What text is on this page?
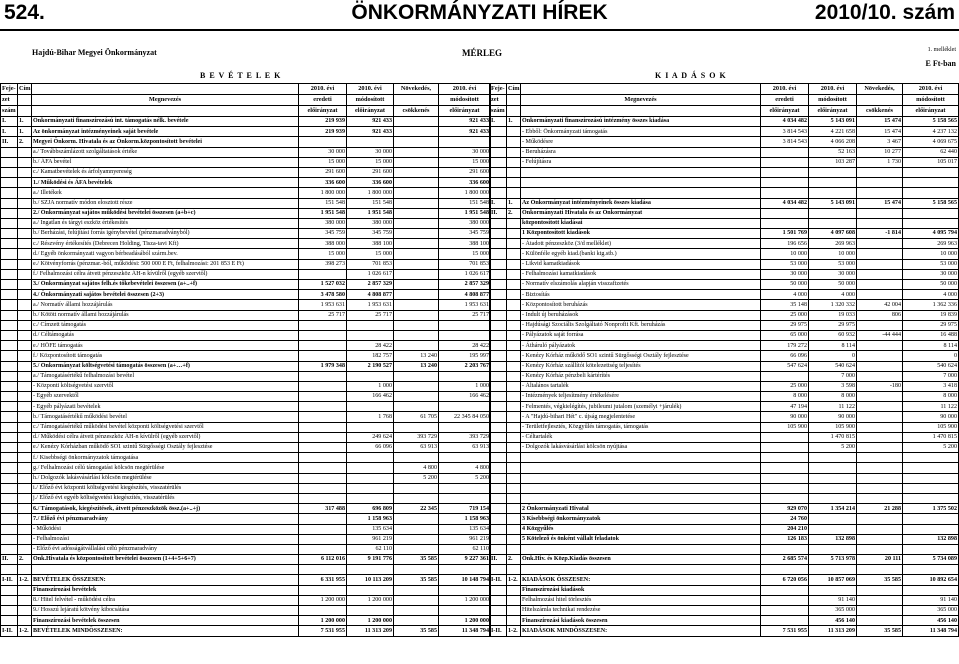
524.	ÖNKORMÁNYZATI HÍREK	2010/10. szám
Hajdú-Bihar Megyei Önkormányzat	MÉRLEG	1. melléklet
E Ft-ban
B E V É T E L E K	K I A D Á S O K
Feje-	Cím		2010. évi	2010. évi	Növekedés,	2010. évi
zet		Megnevezés	eredeti	módosított		módosított
szám			előirányzat	előirányzat	csökkenés	előirányzat
I.	1.	Önkormányzati finanszírozású int. támogatás nélk. bevétele	219 939	921 433		921 433
I.	1.	Az önkormányzat intézményeinek saját bevétele	219 939	921 433		921 433
II.	2.	Megyei Önkorm. Hivatala és az Önkorm.központosított bevételei				
		a./ Továbbszámlázott szolgáltatások értéke	30 000	30 000		30 000
		b./ ÁFA bevétel	15 000	15 000		15 000
		c./ Kamatbevételek és árfolyamnyereség	291 600	291 600		291 600
		1./ Működési és ÁFA bevételek	336 600	336 600		336 600
		a./ Illetékek	1 800 000	1 800 000		1 800 000
		b./ SZJA normatív módon elosztott része	151 548	151 548		151 548
		2./ Önkormányzat sajátos működési bevételei összesen (a+b+c)	1 951 548	1 951 548		1 951 548
		a./ Ingatlan és tárgyi eszköz értékesítés	380 000	380 000		380 000
		b./ Berházási, felújítási forrás igénybevétel (pénzmaradványból)	345 759	345 759		345 759
		c./ Részvény értékesítés (Debrecen Holding, Tisza-tavi Kft)	388 000	388 100		388 100
		d./ Egyéb önkormányzati vagyon bérbeadásából szárm.bev.	15 000	15 000		15 000
		e./ Kötvényforrás (pénzmar.-ból, működési: 500 000 E Ft, felhalmozási: 201 853 E Ft)	398 273	701 853		701 853
		f./ Felhalmozási célra átvett pénzeszköz ÁH-n kívülről (egyéb szervtől)		1 026 617		1 026 617
		3./ Önkormányzat sajátos felh.és tőkebevételei összesen (a+..+f)	1 527 032	2 857 329		2 857 329
		4./ Önkormányzati sajátos bevételei összesen (2+3)	3 478 580	4 808 877		4 808 877
		a./ Normatív állami hozzájárulás	1 953 631	1 953 631		1 953 631
		b./ Kötött normatív állami hozzájárulás	25 717	25 717		25 717
		c./ Címzett támogatás				
		d./ Céltámogatás				
		e./ HÖFE támogatás		28 422		28 422
		f./ Központosított támogatás		182 757	13 240	195 997
		5./ Önkormányzat költségvetési támogatás összesen (a+…+f)	1 979 348	2 190 527	13 240	2 203 767
		a./ Támogatásértékű felhalmozási bevétel				
		- Központi költségvetési szervtől		1 000		1 000
		- Egyéb szervektől		166 462		166 462
		- Egyéb pályázati bevételek				
		b./ Támogatásértékű működési bevétel		1 768	61 705	22 345 84 050
		c./ Támogatásértékű működési bevétel központi költségvetési szervtől				
		d./ Működési célra átvett pénzeszköz ÁH-n kívülről (egyéb szervtől)		249 624	393 729	393 729
		e./ Kenézy Kórházban működő SO1 szintű Sürgősségi Osztály fejlesztése		66 096	63 913	63 913
		f./ Kisebbségi önkormányzatok támogatása				
		g./ Felhalmozási célú támogatási kölcsön megtérülése			4 800	4 800
		h./ Dolgozók lakásvásárlási kölcsön megtérülése			5 200	5 200
		i./ Előző évi központi költségvetési kiegészítés, visszatérülés				
		j./ Előző évi egyéb költségvetési kiegészítés, visszatérülés				
		6./ Támogatások, kiegészítések, átvett pénzeszközök össz.(a+..+j)	317 488	696 809	22 345	719 154
		7./ Előző évi pénzmaradvány		1 158 963		1 158 963
		- Működési		135 634		135 634
		- Felhalmozási		961 219		961 219
		- Előző évi adósságátvállalási célú pénzmaradvány		62 110		62 110
II.	2.	Önk.Hivatala és központosított bevételei összesen (1+4+5+6+7)	6 112 016	9 191 776	35 585	9 227 361

I-II.	1-2.	BEVÉTELEK ÖSSZESEN:	6 331 955	10 113 209	35 585	10 148 794
		Finanszírozási bevételek				
		8./ Hitel felvétel - működési célra	1 200 000	1 200 000		1 200 000
		9./ Hosszú lejáratú kötvény kibocsátása				
		Finanszírozási bevételek összesen	1 200 000	1 200 000		1 200 000
I-II.	1-2.	BEVÉTELEK MINDÖSSZESEN:	7 531 955	11 313 209	35 585	11 348 794
Feje-	Cím		2010. évi	2010. évi	Növekedés,	2010. évi
zet		Megnevezés	eredeti	módosított		módosított
szám			előirányzat	előirányzat	csökkenés	előirányzat
I.	1.	Önkormányzati finanszírozású intézmény összes kiadása	4 034 482	5 143 091	15 474	5 158 565
		- Ebből: Önkormányzati támogatás	3 814 543	4 221 658	15 474	4 237 132
		- Működésre	3 814 543	4 066 208	3 467	4 069 675
		- Beruházásra		52 163	10 277	62 440
		- Felújításra		103 287	1 730	105 017

I.	1.	Az Önkormányzat intézményeinek összes kiadása	4 034 482	5 143 091	15 474	5 158 565
II.	2.	Önkormányzati Hivatala és az Önkormányzat				
		központosított kiadásai				
		1 Központosított kiadások	1 501 769	4 097 608	-1 814	4 095 794
		- Átadott pénzeszköz (3/d melléklet)	196 656	269 963		269 963
		- Különféle egyéb kiad.(banki ktg.stb.)	10 000	10 000		10 000
		- Likvid kamatkiadások	53 000	53 000		53 000
		- Felhalmozási kamatkiadások	30 000	30 000		30 000
		- Normatív elszámolás alapján visszafizetés	50 000	50 000		50 000
		- Biztosítás	4 000	4 000		4 000
		- Központosított beruházás	35 148	1 320 332	42 004	1 362 336
		- Indult új beruházások	25 000	19 033	806	19 839
		- Hajdúsági Szociális Szolgáltató Nonprofit Kft. beruházás	29 975	29 975		29 975
		- Pályázatok saját forrása	65 000	60 932	-44 444	16 488
		- Átháruló pályázatok	179 272	8 114		8 114
		- Kenézy Kórház működő SO1 szintű Sürgősségi Osztály fejlesztése	66 096	0		0
		- Kenézy Kórház szállítói kötelezettség teljesítés	547 624	540 624		540 624
		- Kenézy Kórház pénzbeli kártérítés		7 000		7 000
		- Általános tartalék	25 000	3 598	-180	3 418
		- Intézmények teljesítmény értékelésére	8 000	8 000		8 000
		- Felmentés, végkielégítés, jubileumi jutalom (személyi +járulék)	47 194	11 122		11 122
		- A "Hajdú-bihari Hét" c. újság megjelentetése	90 000	90 000		90 000
		- Területfejlesztés, Közgyűlés támogatás, támogatás	105 900	105 900		105 900
		- Céltartalék		1 470 815		1 470 815
		- Dolgozók lakásvásárlási kölcsön nyújtása		5 200		5 200

		2 Önkormányzati Hivatal	929 070	1 354 214	21 288	1 375 502
		3 Kisebbségi önkormányzatok	24 760			
		4 Közgyűlés	204 210			
		5 Kötelező és önként vállalt feladatok	126 183	132 898		132 898

II.	2.	Önk.Hiv. és Közp.Kiadás összesen	2 685 574	5 713 978	20 111	5 734 089

I-II.	1-2.	KIADÁSOK ÖSSZESEN:	6 720 056	10 857 069	35 585	10 892 654
		Finanszírozási kiadások				
		Felhalmozási hitel törlesztés		91 140		91 140
		Hitelszámla technikai rendezése		365 000		365 000
		Finanszírozási kiadások összesen		456 140		456 140
I-II.	1-2.	KIADÁSOK MINDÖSSZESEN:	7 531 955	11 313 209	35 585	11 348 794
